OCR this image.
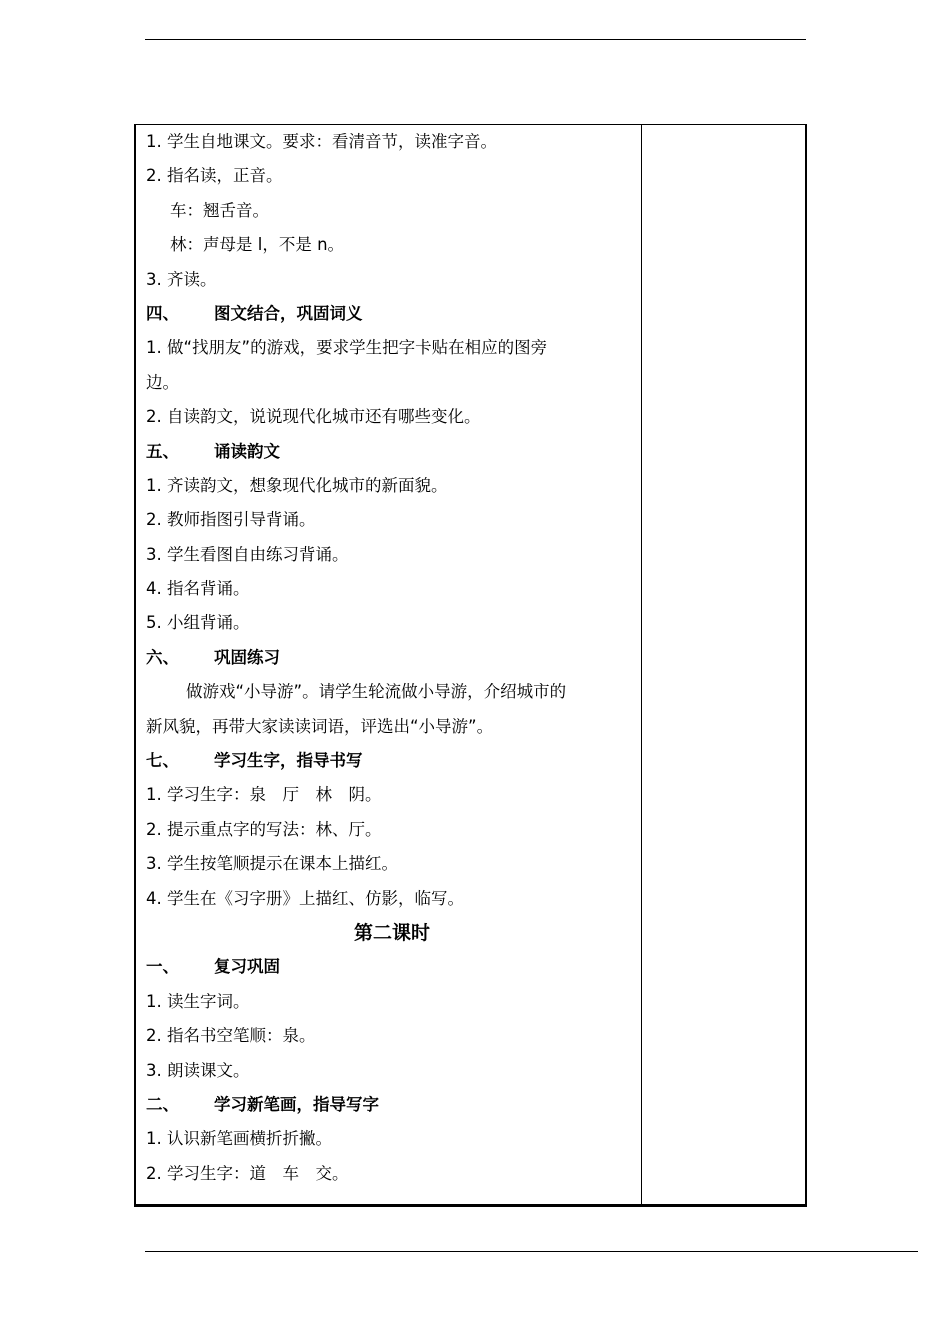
1. 学生自地课文。要求：看清音节，读准字音。
2. 指名读，正音。
车：翘舌音。
林：声母是 l，不是 n。
3. 齐读。
四、 图文结合，巩固词义
1. 做“找朋友”的游戏，要求学生把字卡贴在相应的图旁
边。
2. 自读韵文，说说现代化城市还有哪些变化。
五、 诵读韵文
1. 齐读韵文，想象现代化城市的新面貌。
2. 教师指图引导背诵。
3. 学生看图自由练习背诵。
4. 指名背诵。
5. 小组背诵。
六、 巩固练习
做游戏“小导游”。请学生轮流做小导游，介绍城市的
新风貌，再带大家读读词语，评选出“小导游”。
七、 学习生字，指导书写
1. 学习生字：泉　厅　林　阴。
2. 提示重点字的写法：林、厅。
3. 学生按笔顺提示在课本上描红。
4. 学生在《习字册》上描红、仿影，临写。
第二课时
一、 复习巩固
1. 读生字词。
2. 指名书空笔顺：泉。
3. 朗读课文。
二、 学习新笔画，指导写字
1. 认识新笔画横折折撇。
2. 学习生字：道　车　交。
